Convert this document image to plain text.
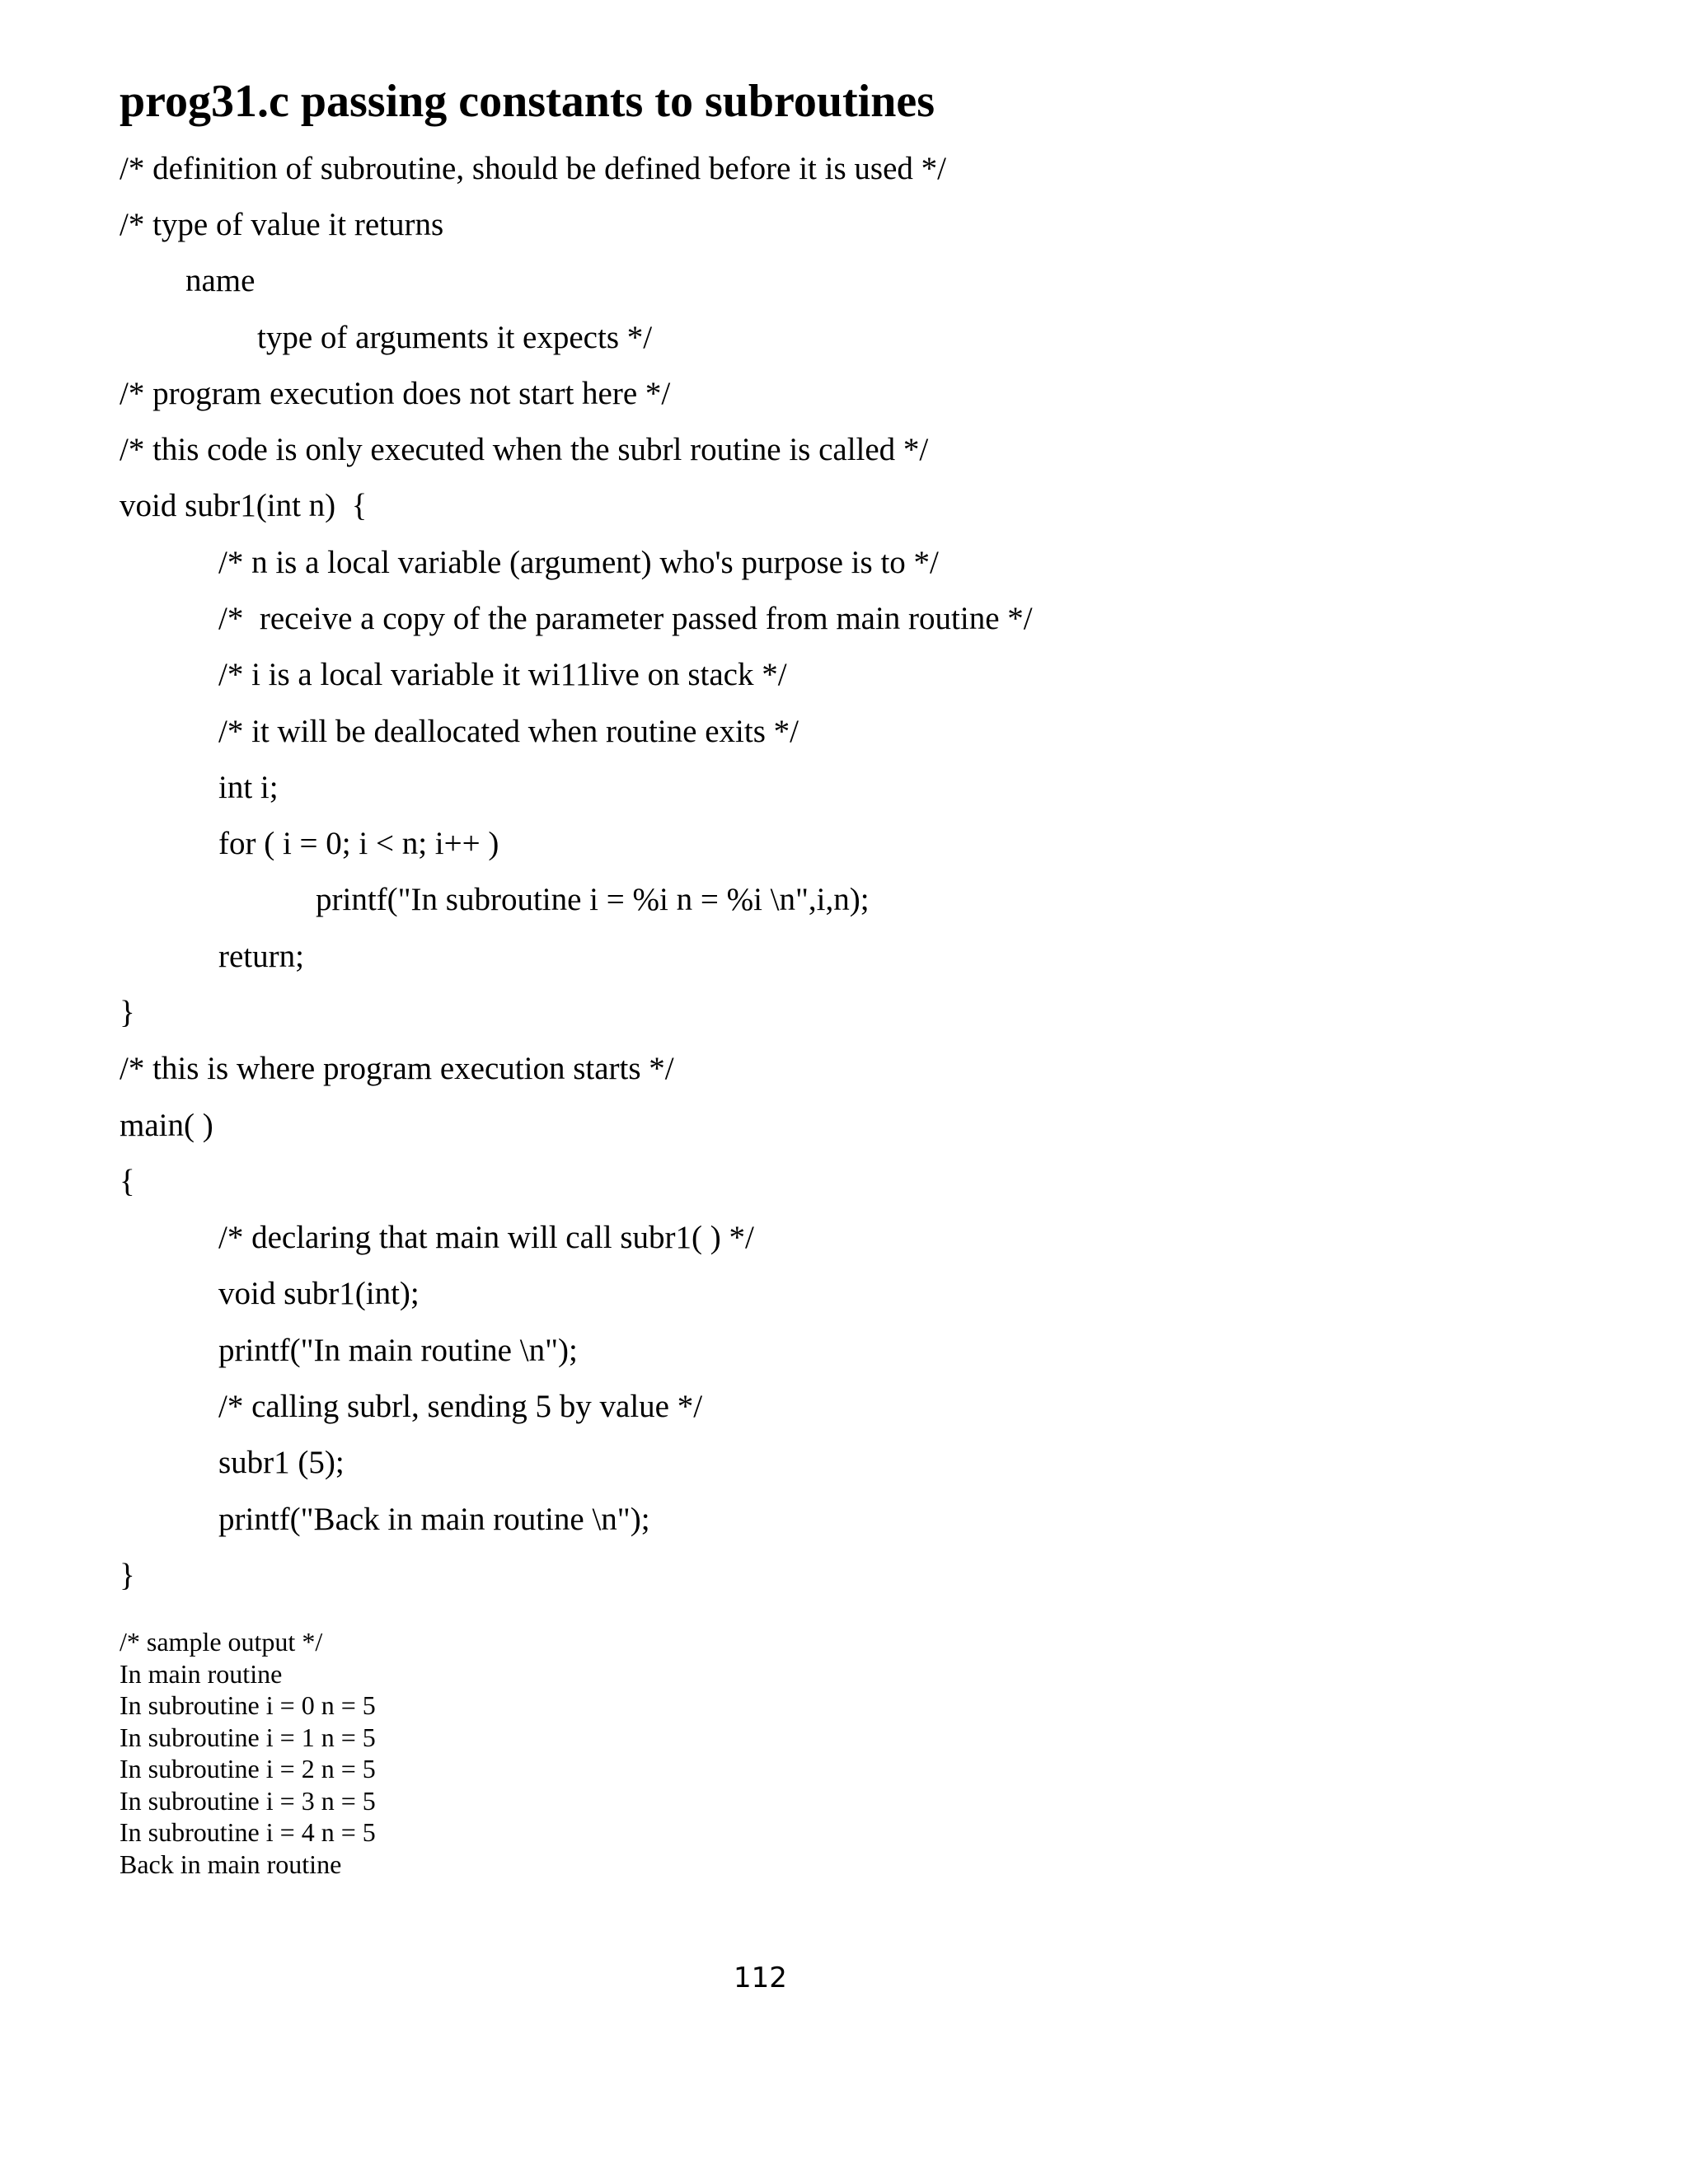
prog31.c passing constants to subroutines
/* definition of subroutine, should be defined before it is used */
/* type of value it returns
name
type of arguments it expects */
/* program execution does not start here */
/* this code is only executed when the subrl routine is called */
void subr1(int n)  {
/* n is a local variable (argument) who's purpose is to */
/*  receive a copy of the parameter passed from main routine */
/* i is a local variable it wi11live on stack */
/* it will be deallocated when routine exits */
int i;
for ( i = 0; i < n; i++ )
printf("In subroutine i = %i n = %i \n",i,n);
return;
}
/* this is where program execution starts */
main( )
{
/* declaring that main will call subr1( ) */
void subr1(int);
printf("In main routine \n");
/* calling subrl, sending 5 by value */
subr1 (5);
printf("Back in main routine \n");
}
/* sample output */
In main routine
In subroutine i = 0 n = 5
In subroutine i = 1 n = 5
In subroutine i = 2 n = 5
In subroutine i = 3 n = 5
In subroutine i = 4 n = 5
Back in main routine
112
